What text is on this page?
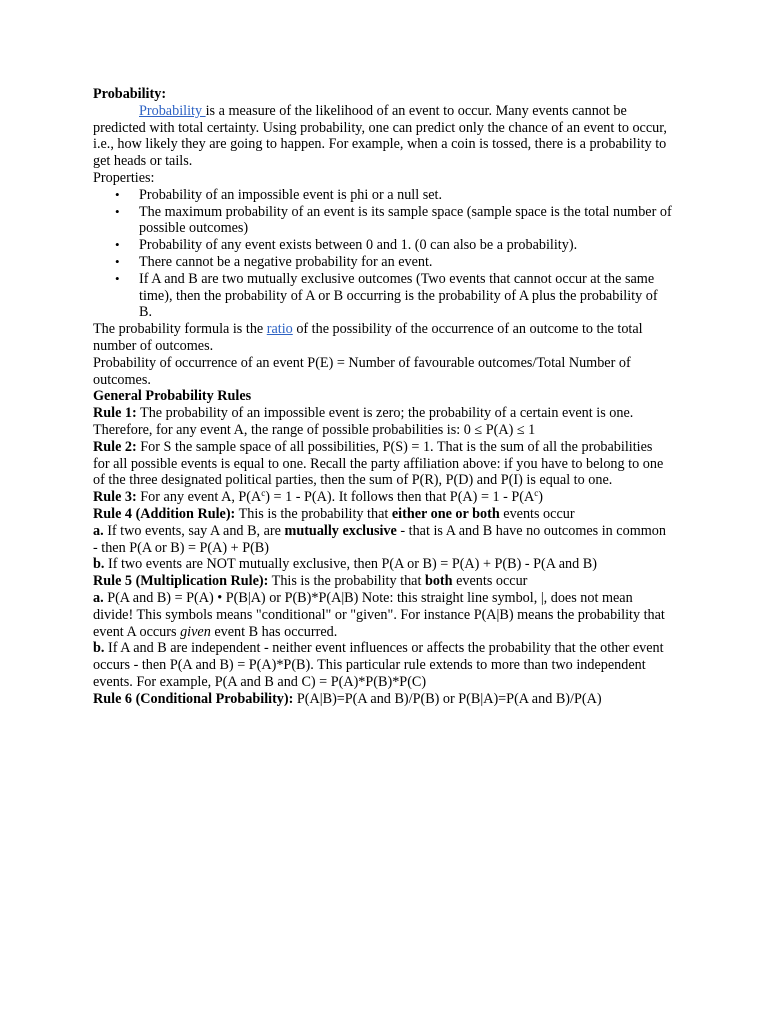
Probability:

Probability is a measure of the likelihood of an event to occur. Many events cannot be predicted with total certainty. Using probability, one can predict only the chance of an event to occur, i.e., how likely they are going to happen. For example, when a coin is tossed, there is a probability to get heads or tails.

Properties:

• Probability of an impossible event is phi or a null set.
• The maximum probability of an event is its sample space (sample space is the total number of possible outcomes)
• Probability of any event exists between 0 and 1. (0 can also be a probability).
• There cannot be a negative probability for an event.
• If A and B are two mutually exclusive outcomes (Two events that cannot occur at the same time), then the probability of A or B occurring is the probability of A plus the probability of B.

The probability formula is the ratio of the possibility of the occurrence of an outcome to the total number of outcomes.

Probability of occurrence of an event P(E) = Number of favourable outcomes/Total Number of outcomes.

General Probability Rules

Rule 1: The probability of an impossible event is zero; the probability of a certain event is one. Therefore, for any event A, the range of possible probabilities is: 0 ≤ P(A) ≤ 1

Rule 2: For S the sample space of all possibilities, P(S) = 1. That is the sum of all the probabilities for all possible events is equal to one. Recall the party affiliation above: if you have to belong to one of the three designated political parties, then the sum of P(R), P(D) and P(I) is equal to one.

Rule 3: For any event A, $P(A^c) = 1 - P(A)$. It follows then that $P(A) = 1 - P(A^c)$

Rule 4 (Addition Rule): This is the probability that either one or both events occur

a. If two events, say A and B, are mutually exclusive - that is A and B have no outcomes in common - then P(A or B) = P(A) + P(B)

b. If two events are NOT mutually exclusive, then P(A or B) = P(A) + P(B) - P(A and B)

Rule 5 (Multiplication Rule): This is the probability that both events occur

a. P(A and B) = P(A) • P(B|A) or P(B)*P(A|B) Note: this straight line symbol, |, does not mean divide! This symbols means "conditional" or "given". For instance P(A|B) means the probability that event A occurs given event B has occurred.

b. If A and B are independent - neither event influences or affects the probability that the other event occurs - then P(A and B) = P(A)*P(B). This particular rule extends to more than two independent events. For example, P(A and B and C) = P(A)*P(B)*P(C)

Rule 6 (Conditional Probability): P(A|B)=P(A and B)/P(B) or P(B|A)=P(A and B)/P(A)
